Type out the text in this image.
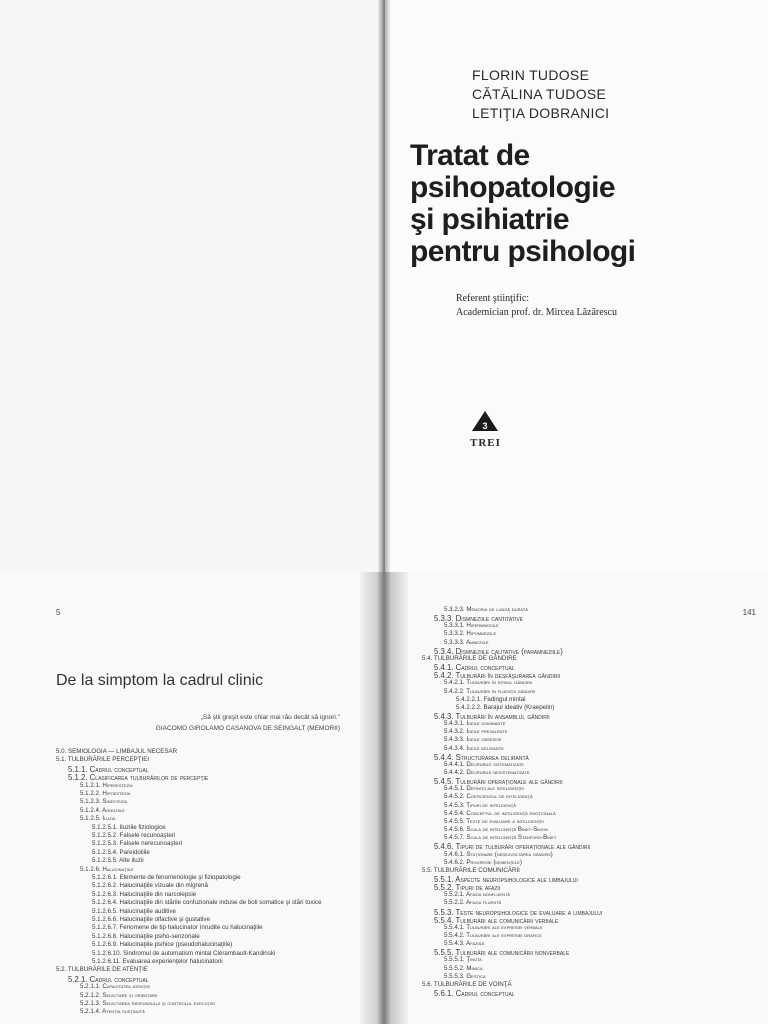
FLORIN TUDOSE
CĂTĂLINA TUDOSE
LETIŢIA DOBRANICI
Tratat de
psihopatologie
şi psihiatrie
pentru psihologi
Referent ştiinţific:
Academician prof. dr. Mircea Lăzărescu
3
TREI
5
De la simptom la cadrul clinic
„Să ştii greşit este chiar mai rău decât să ignori."
GIACOMO GIROLAMO CASANOVA DE SEINGALT (MEMORII)
5.0. SEMIOLOGIA — LIMBAJUL NECESAR
5.1. TULBURĂRILE PERCEPŢIEI
5.1.1. Cadrul conceptual
5.1.2. Clasificarea tulburărilor de percepţie
5.1.2.1. Hiperestezia
5.1.2.2. Hipoestezia
5.1.2.3. Sinestezia
5.1.2.4. Agnoziile
5.1.2.5. Iluzia
5.1.2.5.1. Iluziile fiziologice
5.1.2.5.2. Falsele recunoaşteri
5.1.2.5.3. Falsele nerecunoaşteri
5.1.2.5.4. Pareidoliile
5.1.2.5.5. Alte iluzii
5.1.2.6. Halucinaţiile
5.1.2.6.1. Elemente de fenomenologie şi fiziopatologie
5.1.2.6.2. Halucinaţiile vizuale din migrenă
5.1.2.6.3. Halucinaţiile din narcolepsie
5.1.2.6.4. Halucinaţiile din stările confuzionale induse de boli somatice şi stări toxice
5.1.2.6.5. Halucinaţiile auditive
5.1.2.6.6. Halucinaţiile olfactive şi gustative
5.1.2.6.7. Fenomene de tip halucinator înrudite cu halucinaţiile
5.1.2.6.8. Halucinaţiile psiho-senzoriale
5.1.2.6.9. Halucinaţiile psihice (pseudohalucinaţiile)
5.1.2.6.10. Sindromul de automatism mintal Clérambault-Kandinski
5.1.2.6.11. Evaluarea experienţelor halucinatorii
5.2. TULBURĂRILE DE ATENŢIE
5.2.1. Cadrul conceptual
5.2.1.1. Capacitatea atenţiei
5.2.1.2. Selectare şi orientare
5.2.1.3. Selectarea răspunsului şi controlul execuţiei
5.2.1.4. Atenţia susţinută
141
5.3.2.3. Memoria de lungă durată
5.3.3. Dismneziile cantitative
5.3.3.1. Hipermneziile
5.3.3.2. Hipomneziile
5.3.3.3. Amneziile
5.3.4. Dismneziile calitative (paramneziile)
5.4. TULBURĂRILE DE GÂNDIRE
5.4.1. Cadrul conceptual
5.4.2. Tulburări în desfăşurarea gândirii
5.4.2.1. Tulburări în ritmul gândirii
5.4.2.2. Tulburări în fluenţa gândirii
5.4.2.2.1. Fadingul mintal
5.4.2.2.2. Barajul ideativ (Kraepelin)
5.4.3. Tulburări în ansamblul gândirii
5.4.3.1. Ideile dominante
5.4.3.2. Ideile prevalente
5.4.3.3. Ideile obsesive
5.4.3.4. Ideile delirante
5.4.4. Structurarea delirantă
5.4.4.1. Delirurile sistematizate
5.4.4.2. Delirurile nesistematizate
5.4.5. Tulburări operaţionale ale gândirii
5.4.5.1. Definiţii ale inteligenţei
5.4.5.2. Coeficientul de inteligenţă
5.4.5.3. Tipuri de inteligenţă
5.4.5.4. Conceptul de inteligenţă emoţională
5.4.5.5. Teste de evaluare a inteligenţei
5.4.5.6. Scala de inteligenţă Binet-Simon
5.4.5.7. Scala de inteligenţă Stanford-Binet
5.4.6. Tipuri de tulburări operaţionale ale gândirii
5.4.6.1. Staţionare (nedezvoltarea gândirii)
5.4.6.2. Progresie (demenţele)
5.5. TULBURĂRILE COMUNICĂRII
5.5.1. Aspecte neuropsihologice ale limbajului
5.5.2. Tipuri de afazii
5.5.2.1. Afazia nonfluentă
5.5.2.2. Afazia fluentă
5.5.3. Teste neuropsihologice de evaluare a limbajului
5.5.4. Tulburări ale comunicării verbale
5.5.4.1. Tulburări ale expresiei verbale
5.5.4.2. Tulburări ale expresiei grafice
5.5.4.3. Afaziile
5.5.5. Tulburări ale comunicării nonverbale
5.5.5.1. Ţinuta
5.5.5.2. Mimica
5.5.5.3. Gestica
5.6. TULBURĂRILE DE VOINŢĂ
5.6.1. Cadrul conceptual
